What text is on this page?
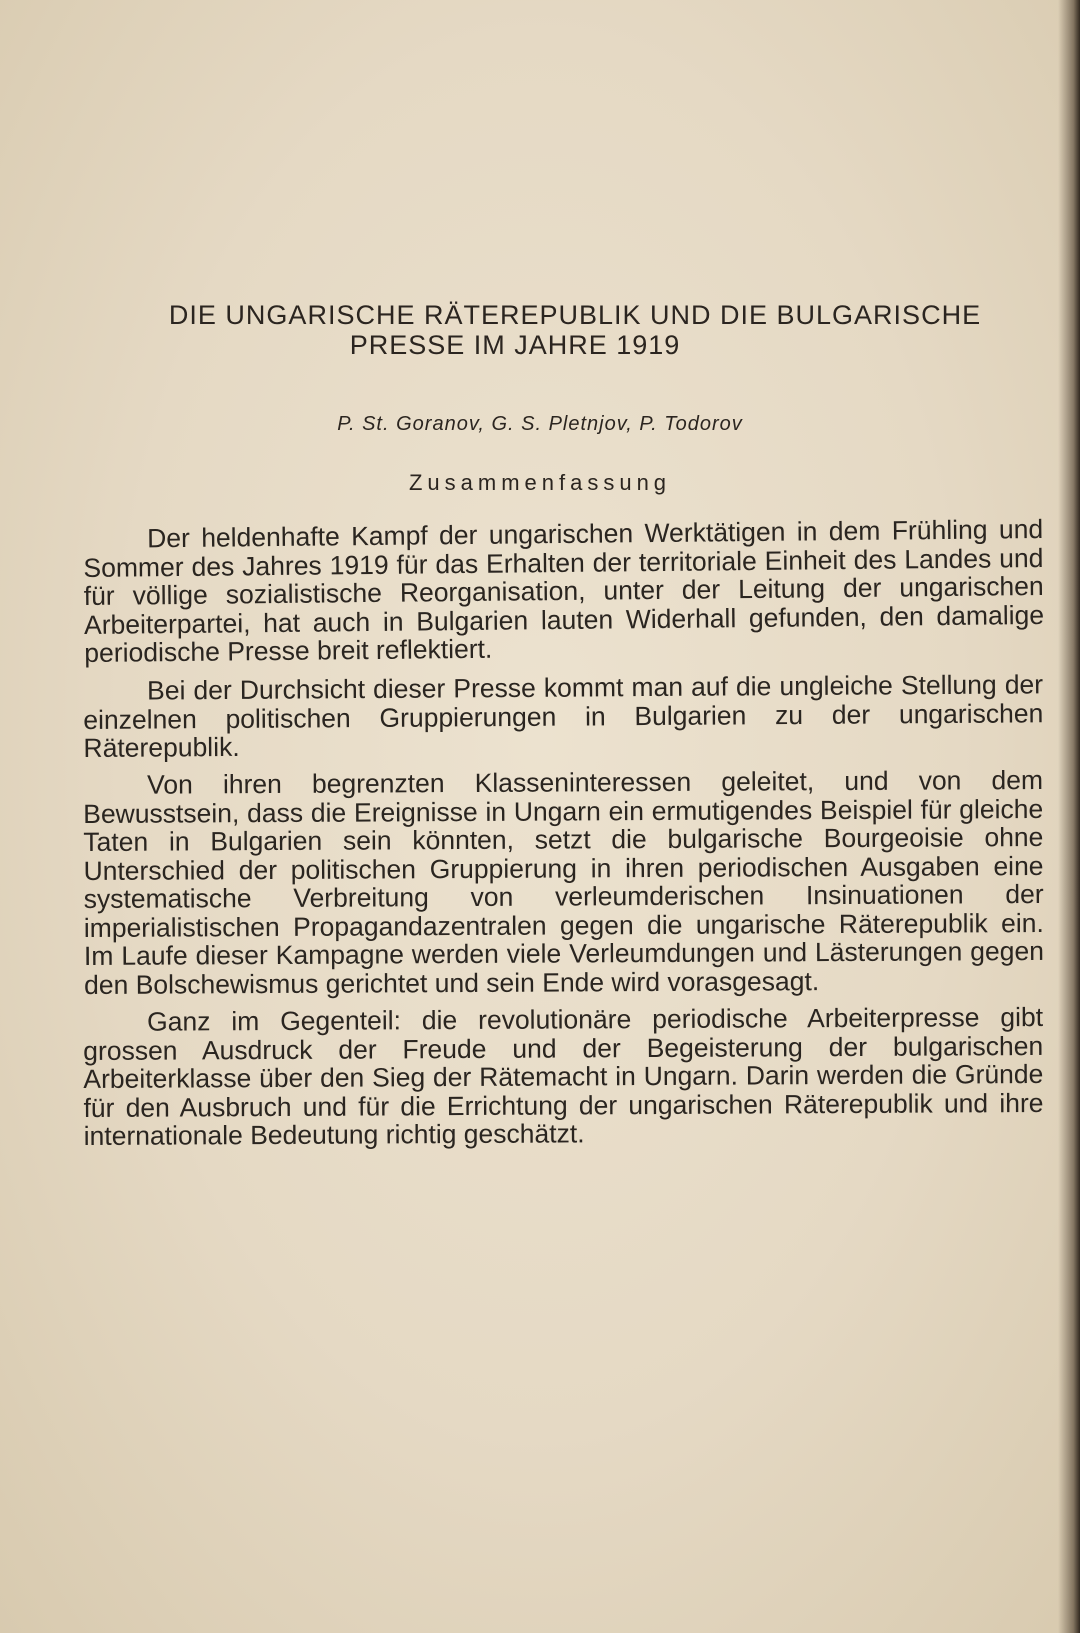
DIE UNGARISCHE RÄTEREPUBLIK UND DIE BULGARISCHE
PRESSE IM JAHRE 1919
P. St. Goranov, G. S. Pletnjov, P. Todorov
Zusammenfassung

Der heldenhafte Kampf der ungarischen Werktätigen in dem Frühling und Sommer des Jahres 1919 für das Erhalten der territoriale Einheit des Landes und für völlige sozialistische Reorganisation, unter der Leitung der ungarischen Arbeiterpartei, hat auch in Bulgarien lauten Widerhall gefunden, den damalige periodische Presse breit reflektiert.

Bei der Durchsicht dieser Presse kommt man auf die ungleiche Stellung der einzelnen politischen Gruppierungen in Bulgarien zu der ungarischen Räterepublik.

Von ihren begrenzten Klasseninteressen geleitet, und von dem Bewusstsein, dass die Ereignisse in Ungarn ein ermutigendes Beispiel für gleiche Taten in Bulgarien sein könnten, setzt die bulgarische Bourgeoisie ohne Unterschied der politischen Gruppierung in ihren periodischen Ausgaben eine systematische Verbreitung von verleumderischen Insinuationen der imperialistischen Propagandazentralen gegen die ungarische Räterepublik ein. Im Laufe dieser Kampagne werden viele Verleumdungen und Lästerungen gegen den Bolschewismus gerichtet und sein Ende wird vorasgesagt.

Ganz im Gegenteil: die revolutionäre periodische Arbeiterpresse gibt grossen Ausdruck der Freude und der Begeisterung der bulgarischen Arbeiterklasse über den Sieg der Rätemacht in Ungarn. Darin werden die Gründe für den Ausbruch und für die Errichtung der ungarischen Räterepublik und ihre internationale Bedeutung richtig geschätzt.
